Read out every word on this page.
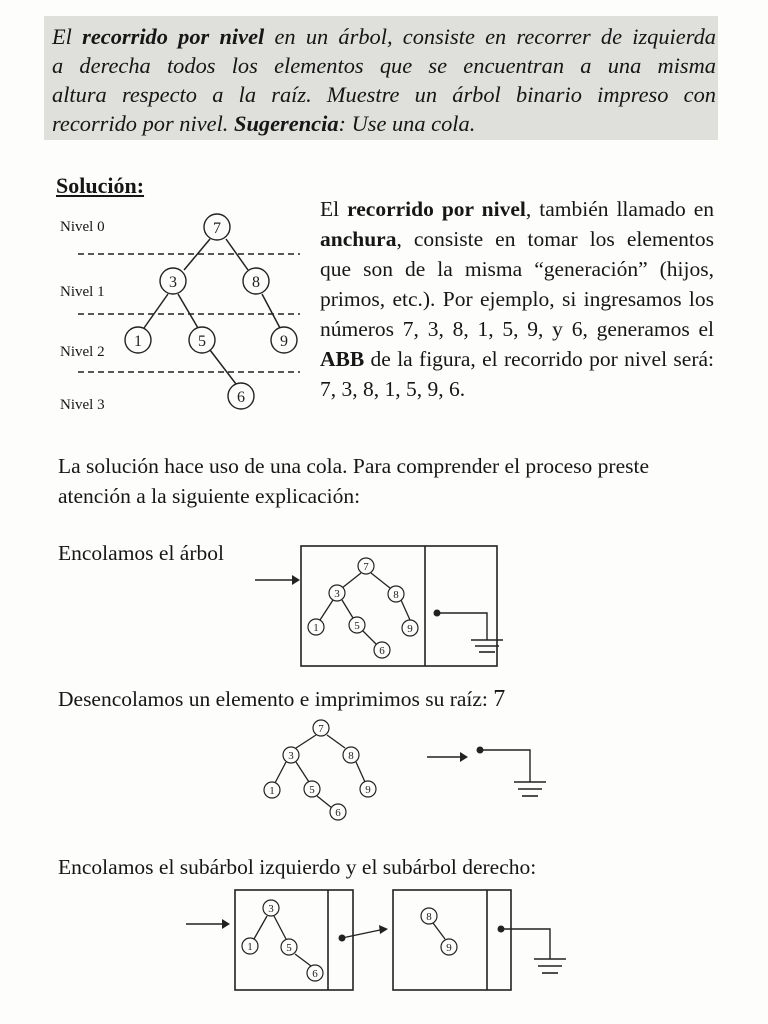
El recorrido por nivel en un árbol, consiste en recorrer de izquierda
a derecha todos los elementos que se encuentran a una misma
altura respecto a la raíz. Muestre un árbol binario impreso con
recorrido por nivel. Sugerencia: Use una cola.
Solución:
Nivel 0
Nivel 1
Nivel 2
Nivel 3
7
3	8
1	5	9
6
El recorrido por nivel, también llamado en anchura, consiste en tomar los elementos que son de la misma “generación” (hijos, primos, etc.). Por ejemplo, si ingresamos los números 7, 3, 8, 1, 5, 9, y 6, generamos el ABB de la figura, el recorrido por nivel será: 7, 3, 8, 1, 5, 9, 6.
La solución hace uso de una cola. Para comprender el proceso preste
atención a la siguiente explicación:
Encolamos el árbol
7
3	8
1	5	9
6
Desencolamos un elemento e imprimimos su raíz: 7
7
3	8
1	5	9
6
Encolamos el subárbol izquierdo y el subárbol derecho:
3
1	5
6
8
9
